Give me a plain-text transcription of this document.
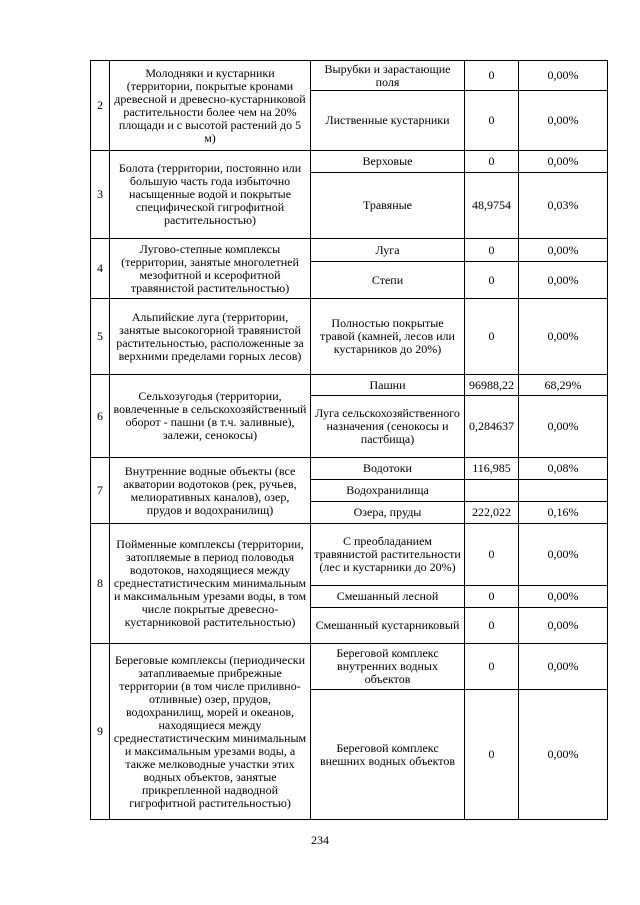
2	Молодняки и кустарники (территории, покрытые кронами древесной и древесно-кустарниковой растительности более чем на 20% площади и с высотой растений до 5 м)	Вырубки и зарастающие поля	0	0,00%
		Лиственные кустарники	0	0,00%
3	Болота (территории, постоянно или большую часть года избыточно насыщенные водой и покрытые специфической гигрофитной растительностью)	Верховые	0	0,00%
		Травяные	48,9754	0,03%
4	Лугово-степные комплексы (территории, занятые многолетней мезофитной и ксерофитной травянистой растительностью)	Луга	0	0,00%
		Степи	0	0,00%
5	Альпийские луга (территории, занятые высокогорной травянистой растительностью, расположенные за верхними пределами горных лесов)	Полностью покрытые травой (камней, лесов или кустарников до 20%)	0	0,00%
6	Сельхозугодья (территории, вовлеченные в сельскохозяйственный оборот - пашни (в т.ч. заливные), залежи, сенокосы)	Пашни	96988,22	68,29%
		Луга сельскохозяйственного назначения (сенокосы и пастбища)	0,284637	0,00%
7	Внутренние водные объекты (все акватории водотоков (рек, ручьев, мелиоративных каналов), озер, прудов и водохранилищ)	Водотоки	116,985	0,08%
		Водохранилища		
		Озера, пруды	222,022	0,16%
8	Пойменные комплексы (территории, затопляемые в период половодья водотоков, находящиеся между среднестатистическим минимальным и максимальным урезами воды, в том числе покрытые древесно-кустарниковой растительностью)	С преобладанием травянистой растительности (лес и кустарники до 20%)	0	0,00%
		Смешанный лесной	0	0,00%
		Смешанный кустарниковый	0	0,00%
9	Береговые комплексы (периодически затапливаемые прибрежные территории (в том числе приливно-отливные) озер, прудов, водохранилищ, морей и океанов, находящиеся между среднестатистическим минимальным и максимальным урезами воды, а также мелководные участки этих водных объектов, занятые прикрепленной надводной гигрофитной растительностью)	Береговой комплекс внутренних водных объектов	0	0,00%
		Береговой комплекс внешних водных объектов	0	0,00%
234
